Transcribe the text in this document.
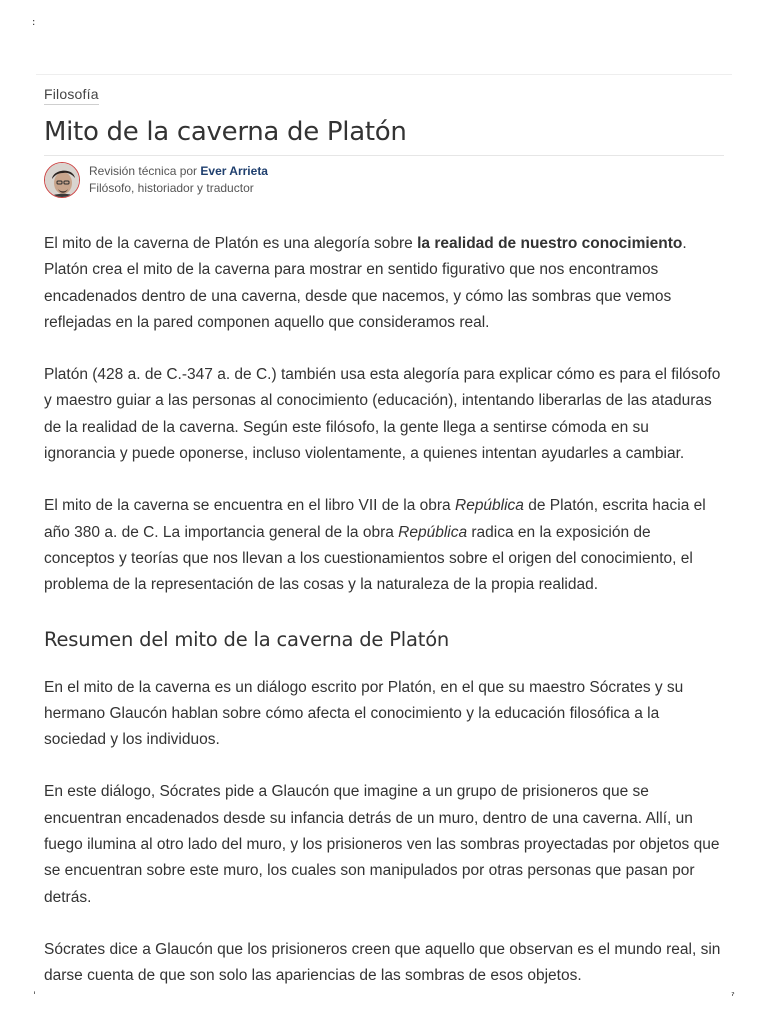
:
ˈ	ˀ
Filosofía
Mito de la caverna de Platón
Revisión técnica por Ever Arrieta
Filósofo, historiador y traductor

El mito de la caverna de Platón es una alegoría sobre la realidad de nuestro conocimiento. Platón crea el mito de la caverna para mostrar en sentido figurativo que nos encontramos encadenados dentro de una caverna, desde que nacemos, y cómo las sombras que vemos reflejadas en la pared componen aquello que consideramos real.

Platón (428 a. de C.-347 a. de C.) también usa esta alegoría para explicar cómo es para el filósofo y maestro guiar a las personas al conocimiento (educación), intentando liberarlas de las ataduras de la realidad de la caverna. Según este filósofo, la gente llega a sentirse cómoda en su ignorancia y puede oponerse, incluso violentamente, a quienes intentan ayudarles a cambiar.

El mito de la caverna se encuentra en el libro VII de la obra República de Platón, escrita hacia el año 380 a. de C. La importancia general de la obra República radica en la exposición de conceptos y teorías que nos llevan a los cuestionamientos sobre el origen del conocimiento, el problema de la representación de las cosas y la naturaleza de la propia realidad.

Resumen del mito de la caverna de Platón

En el mito de la caverna es un diálogo escrito por Platón, en el que su maestro Sócrates y su hermano Glaucón hablan sobre cómo afecta el conocimiento y la educación filosófica a la sociedad y los individuos.

En este diálogo, Sócrates pide a Glaucón que imagine a un grupo de prisioneros que se encuentran encadenados desde su infancia detrás de un muro, dentro de una caverna. Allí, un fuego ilumina al otro lado del muro, y los prisioneros ven las sombras proyectadas por objetos que se encuentran sobre este muro, los cuales son manipulados por otras personas que pasan por detrás.

Sócrates dice a Glaucón que los prisioneros creen que aquello que observan es el mundo real, sin darse cuenta de que son solo las apariencias de las sombras de esos objetos.
